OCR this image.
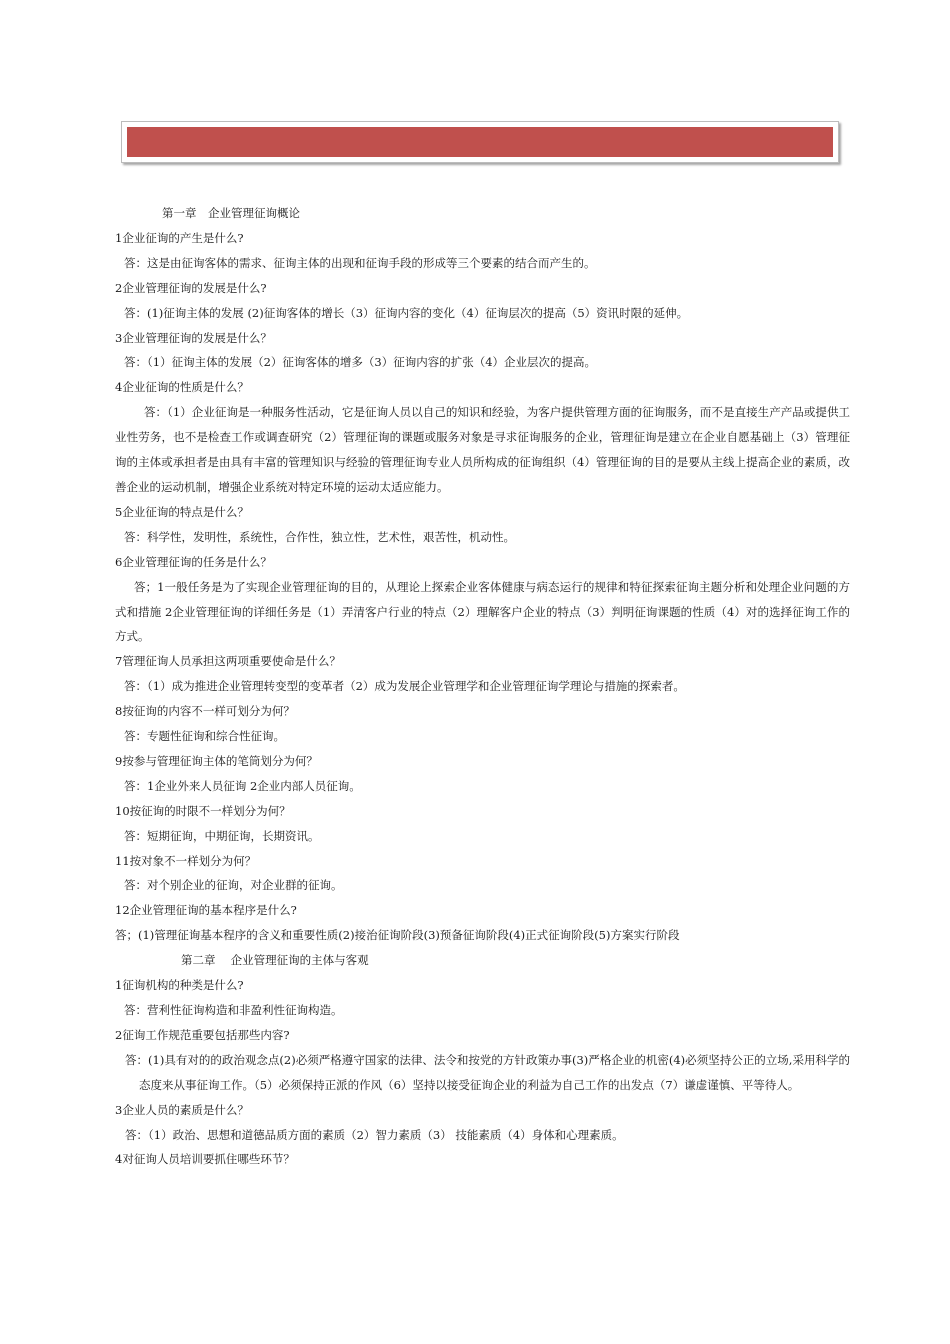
第一章　企业管理征询概论

1企业征询的产生是什么?

答：这是由征询客体的需求、征询主体的出现和征询手段的形成等三个要素的结合而产生的。

2企业管理征询的发展是什么?

答：(1)征询主体的发展 (2)征询客体的增长（3）征询内容的变化（4）征询层次的提高（5）资讯时限的延伸。

3企业管理征询的发展是什么？

答：（1）征询主体的发展（2）征询客体的增多（3）征询内容的扩张（4）企业层次的提高。

4企业征询的性质是什么？

答：（1）企业征询是一种服务性活动，它是征询人员以自己的知识和经验，为客户提供管理方面的征询服务，而不是直接生产产品或提供工业性劳务，也不是检查工作或调查研究（2）管理征询的课题或服务对象是寻求征询服务的企业，管理征询是建立在企业自愿基础上（3）管理征询的主体或承担者是由具有丰富的管理知识与经验的管理征询专业人员所构成的征询组织（4）管理征询的目的是要从主线上提高企业的素质，改善企业的运动机制，增强企业系统对特定环境的运动太适应能力。

5企业征询的特点是什么？

答：科学性，发明性，系统性，合作性，独立性，艺术性，艰苦性，机动性。

6企业管理征询的任务是什么？

答；1一般任务是为了实现企业管理征询的目的，从理论上探索企业客体健康与病态运行的规律和特征探索征询主题分析和处理企业问题的方式和措施 2企业管理征询的详细任务是（1）弄清客户行业的特点（2）理解客户企业的特点（3）判明征询课题的性质（4）对的选择征询工作的方式。

7管理征询人员承担这两项重要使命是什么？

答：（1）成为推进企业管理转变型的变革者（2）成为发展企业管理学和企业管理征询学理论与措施的探索者。

8按征询的内容不一样可划分为何？

答：专题性征询和综合性征询。

9按参与管理征询主体的笔筒划分为何？

答：1企业外来人员征询 2企业内部人员征询。

10按征询的时限不一样划分为何？

答：短期征询，中期征询，长期资讯。

11按对象不一样划分为何？

答：对个别企业的征询，对企业群的征询。

12企业管理征询的基本程序是什么?

答；(1)管理征询基本程序的含义和重要性质(2)接治征询阶段(3)预备征询阶段(4)正式征询阶段(5)方案实行阶段

第二章　 企业管理征询的主体与客观

1征询机构的种类是什么?

答：营利性征询构造和非盈利性征询构造。

2征询工作规范重要包括那些内容?

答：(1)具有对的的政治观念点(2)必须严格遵守国家的法律、法令和按党的方针政策办事(3)严格企业的机密(4)必须坚持公正的立场,采用科学的态度来从事征询工作。（5）必须保持正派的作风（6）坚持以接受征询企业的利益为自己工作的出发点（7）谦虚谨慎、平等待人。

3企业人员的素质是什么？

答：（1）政治、思想和道德品质方面的素质（2）智力素质（3） 技能素质（4）身体和心理素质。

4对征询人员培训要抓住哪些环节？
